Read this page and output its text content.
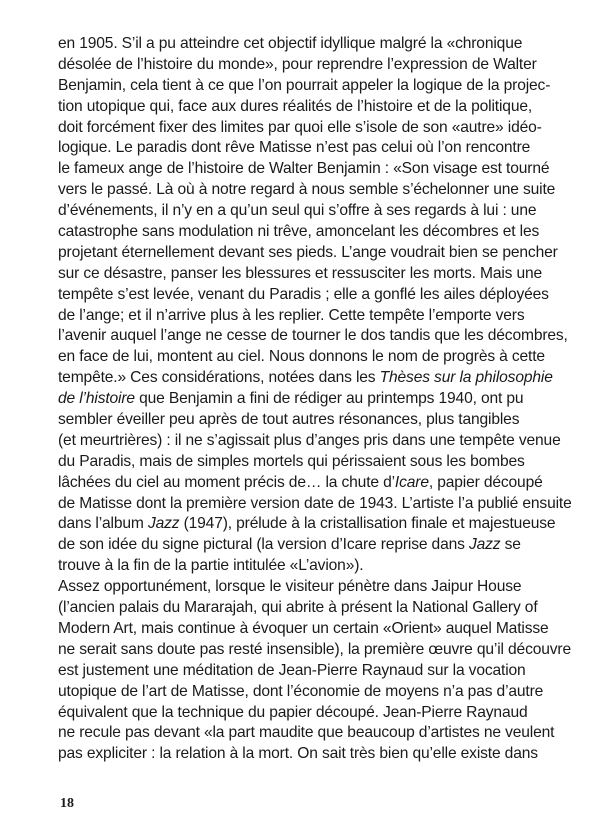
en 1905. S’il a pu atteindre cet objectif idyllique malgré la «chronique
désolée de l’histoire du monde», pour reprendre l’expression de Walter
Benjamin, cela tient à ce que l’on pourrait appeler la logique de la projec-
tion utopique qui, face aux dures réalités de l’histoire et de la politique,
doit forcément fixer des limites par quoi elle s’isole de son «autre» idéo-
logique. Le paradis dont rêve Matisse n’est pas celui où l’on rencontre
le fameux ange de l’histoire de Walter Benjamin : «Son visage est tourné
vers le passé. Là où à notre regard à nous semble s’échelonner une suite
d’événements, il n’y en a qu’un seul qui s’offre à ses regards à lui : une
catastrophe sans modulation ni trêve, amoncelant les décombres et les
projetant éternellement devant ses pieds. L’ange voudrait bien se pencher
sur ce désastre, panser les blessures et ressusciter les morts. Mais une
tempête s’est levée, venant du Paradis ; elle a gonflé les ailes déployées
de l’ange; et il n’arrive plus à les replier. Cette tempête l’emporte vers
l’avenir auquel l’ange ne cesse de tourner le dos tandis que les décombres,
en face de lui, montent au ciel. Nous donnons le nom de progrès à cette
tempête.» Ces considérations, notées dans les Thèses sur la philosophie
de l’histoire que Benjamin a fini de rédiger au printemps 1940, ont pu
sembler éveiller peu après de tout autres résonances, plus tangibles
(et meurtrières) : il ne s’agissait plus d’anges pris dans une tempête venue
du Paradis, mais de simples mortels qui périssaient sous les bombes
lâchées du ciel au moment précis de… la chute d’Icare, papier découpé
de Matisse dont la première version date de 1943. L’artiste l’a publié ensuite
dans l’album Jazz (1947), prélude à la cristallisation finale et majestueuse
de son idée du signe pictural (la version d’Icare reprise dans Jazz se
trouve à la fin de la partie intitulée «L’avion»).
Assez opportunément, lorsque le visiteur pénètre dans Jaipur House
(l’ancien palais du Mararajah, qui abrite à présent la National Gallery of
Modern Art, mais continue à évoquer un certain «Orient» auquel Matisse
ne serait sans doute pas resté insensible), la première œuvre qu’il découvre
est justement une méditation de Jean-Pierre Raynaud sur la vocation
utopique de l’art de Matisse, dont l’économie de moyens n’a pas d’autre
équivalent que la technique du papier découpé. Jean-Pierre Raynaud
ne recule pas devant «la part maudite que beaucoup d’artistes ne veulent
pas expliciter : la relation à la mort. On sait très bien qu’elle existe dans
18
